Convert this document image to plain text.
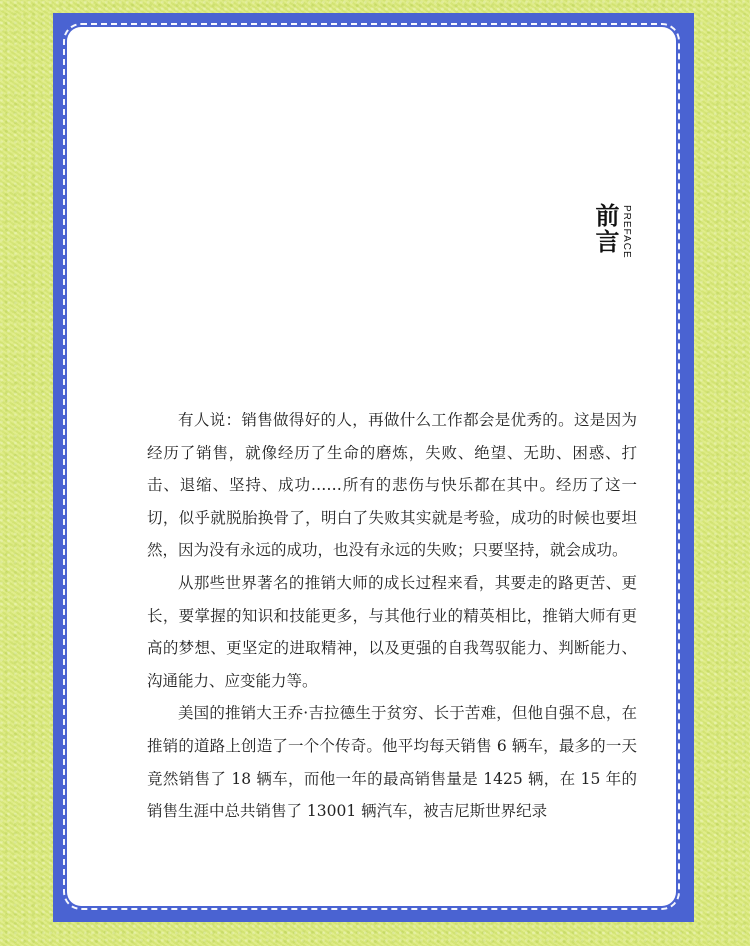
前言 PREFACE

有人说：销售做得好的人，再做什么工作都会是优秀的。这是因为经历了销售，就像经历了生命的磨炼，失败、绝望、无助、困惑、打击、退缩、坚持、成功……所有的悲伤与快乐都在其中。经历了这一切，似乎就脱胎换骨了，明白了失败其实就是考验，成功的时候也要坦然，因为没有永远的成功，也没有永远的失败；只要坚持，就会成功。

从那些世界著名的推销大师的成长过程来看，其要走的路更苦、更长，要掌握的知识和技能更多，与其他行业的精英相比，推销大师有更高的梦想、更坚定的进取精神，以及更强的自我驾驭能力、判断能力、沟通能力、应变能力等。

美国的推销大王乔·吉拉德生于贫穷、长于苦难，但他自强不息，在推销的道路上创造了一个个传奇。他平均每天销售 6 辆车，最多的一天竟然销售了 18 辆车，而他一年的最高销售量是 1425 辆，在 15 年的销售生涯中总共销售了 13001 辆汽车，被吉尼斯世界纪录
